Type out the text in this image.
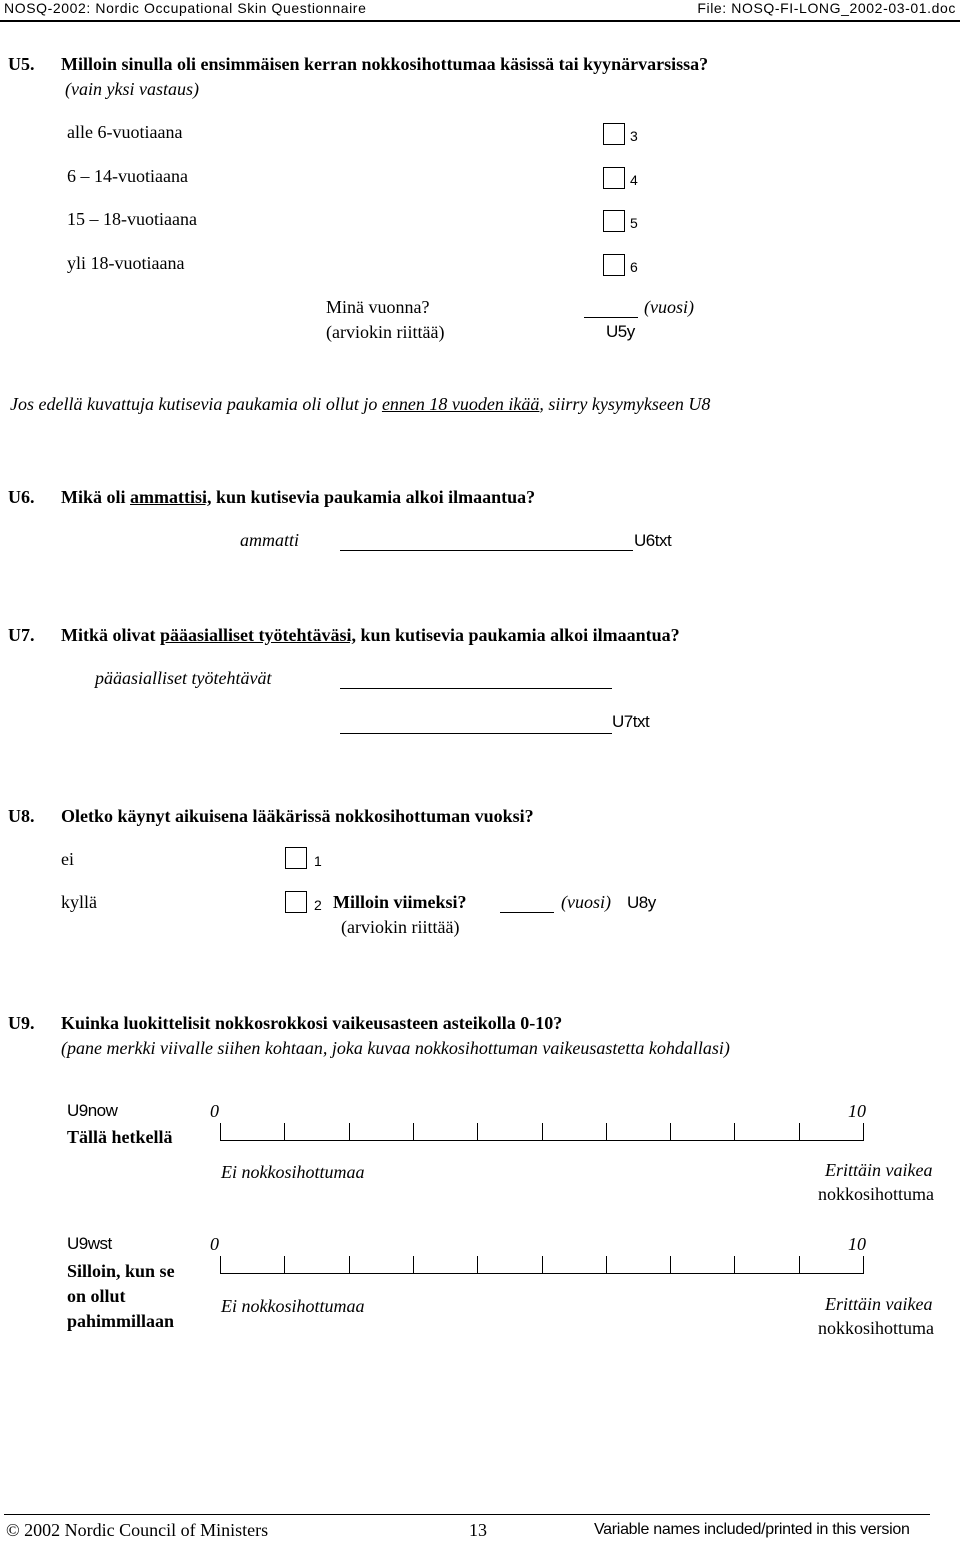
NOSQ-2002: Nordic Occupational Skin Questionnaire	File: NOSQ-FI-LONG_2002-03-01.doc
U5. Milloin sinulla oli ensimmäisen kerran nokkosihottumaa käsissä tai kyynärvarsissa?
(vain yksi vastaus)
alle 6-vuotiaana	3
6 – 14-vuotiaana	4
15 – 18-vuotiaana	5
yli 18-vuotiaana	6
Minä vuonna?
(arviokin riittää)
(vuosi)
U5y
Jos edellä kuvattuja kutisevia paukamia oli ollut jo ennen 18 vuoden ikää, siirry kysymykseen U8
U6. Mikä oli ammattisi, kun kutisevia paukamia alkoi ilmaantua?
ammatti	U6txt
U7. Mitkä olivat pääasialliset työtehtäväsi, kun kutisevia paukamia alkoi ilmaantua?
pääasialliset työtehtävät
U7txt
U8. Oletko käynyt aikuisena lääkärissä nokkosihottuman vuoksi?
ei	1
kyllä	2 Milloin viimeksi?	(vuosi) U8y
(arviokin riittää)
U9. Kuinka luokittelisit nokkosrokkosi vaikeusasteen asteikolla 0-10?
(pane merkki viivalle siihen kohtaan, joka kuvaa nokkosihottuman vaikeusastetta kohdallasi)
U9now
Tällä hetkellä
0	10
Ei nokkosihottumaa	Erittäin vaikea
nokkosihottuma
U9wst
Silloin, kun se
on ollut
pahimmillaan
0	10
Ei nokkosihottumaa	Erittäin vaikea
nokkosihottuma
© 2002 Nordic Council of Ministers	13	Variable names included/printed in this version
